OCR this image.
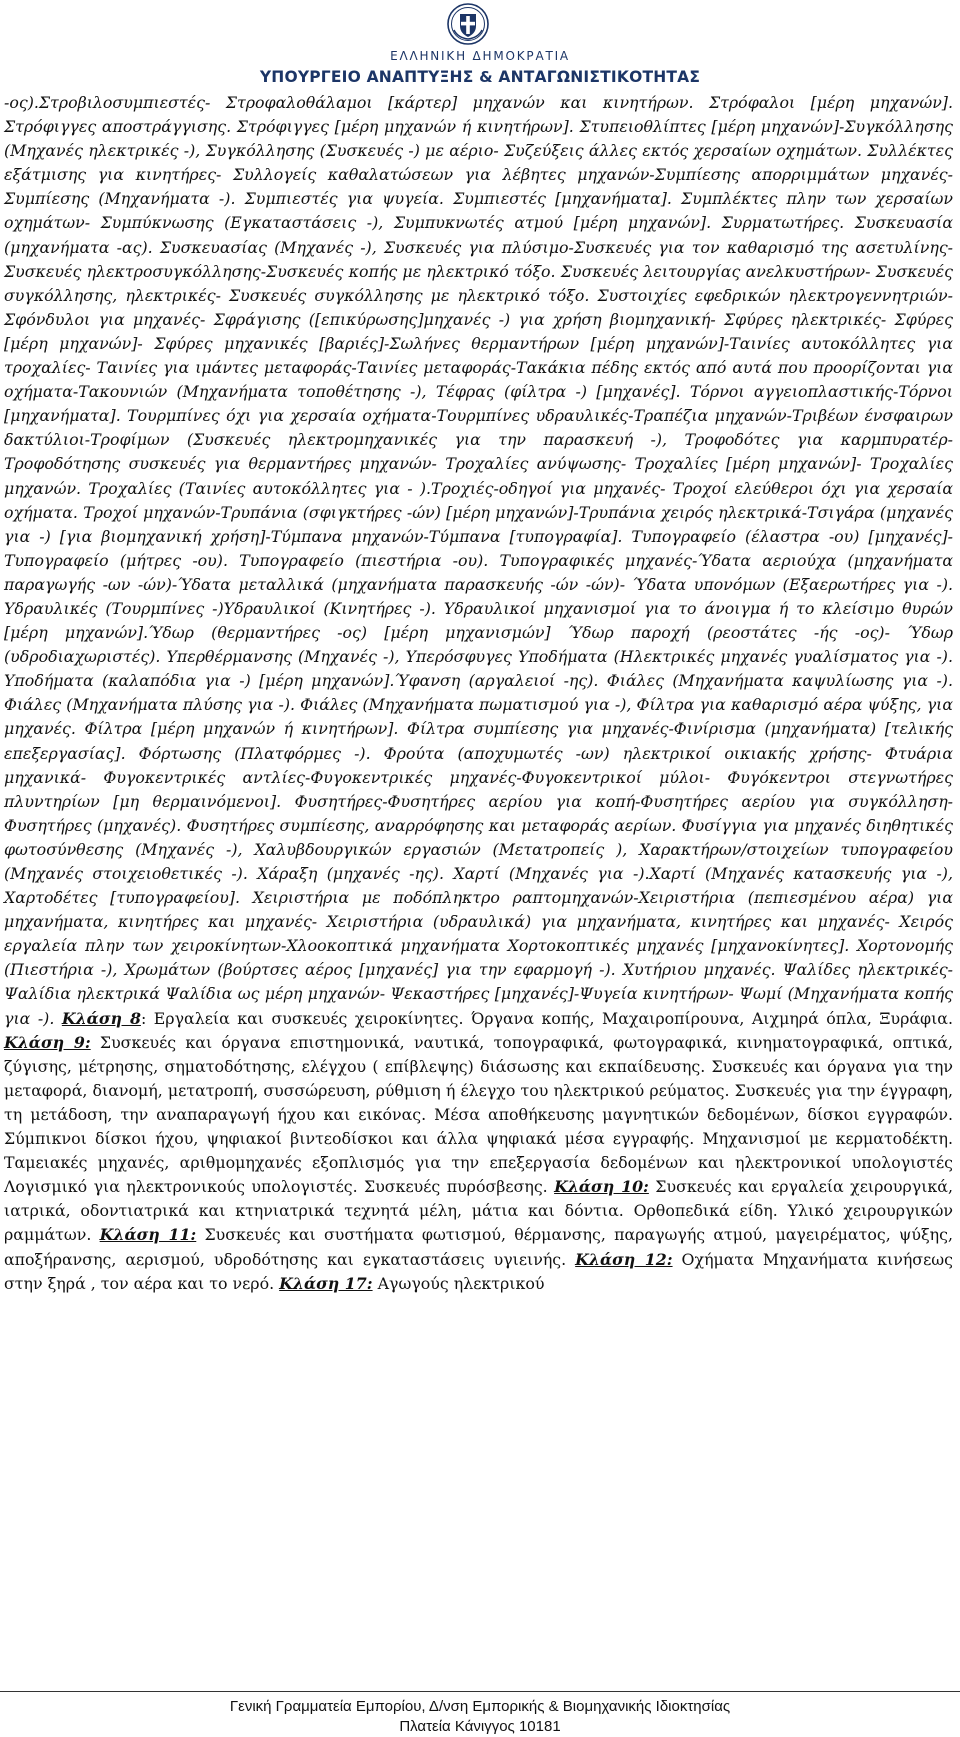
ΕΛΛΗΝΙΚΗ ΔΗΜΟΚΡΑΤΙΑ
ΥΠΟΥΡΓΕΙΟ ΑΝΑΠΤΥΞΗΣ & ΑΝΤΑΓΩΝΙΣΤΙΚΟΤΗΤΑΣ
-ος).Στροβιλοσυμπιεστές- Στροφαλοθάλαμοι [κάρτερ] μηχανών και κινητήρων. Στρόφαλοι [μέρη μηχανών]. Στρόφιγγες αποστράγγισης. Στρόφιγγες [μέρη μηχανών ή κινητήρων]. Στυπειοθλίπτες [μέρη μηχανών]-Συγκόλλησης (Μηχανές ηλεκτρικές -), Συγκόλλησης (Συσκευές -) με αέριο- Συζεύξεις άλλες εκτός χερσαίων οχημάτων. Συλλέκτες εξάτμισης για κινητήρες- Συλλογείς καθαλατώσεων για λέβητες μηχανών-Συμπίεσης απορριμμάτων μηχανές- Συμπίεσης (Μηχανήματα -). Συμπιεστές για ψυγεία. Συμπιεστές [μηχανήματα]. Συμπλέκτες πλην των χερσαίων οχημάτων- Συμπύκνωσης (Εγκαταστάσεις -), Συμπυκνωτές ατμού [μέρη μηχανών]. Συρματωτήρες. Συσκευασία (μηχανήματα -ας). Συσκευασίας (Μηχανές -), Συσκευές για πλύσιμο-Συσκευές για τον καθαρισμό της ασετυλίνης- Συσκευές ηλεκτροσυγκόλλησης-Συσκευές κοπής με ηλεκτρικό τόξο. Συσκευές λειτουργίας ανελκυστήρων- Συσκευές συγκόλλησης, ηλεκτρικές- Συσκευές συγκόλλησης με ηλεκτρικό τόξο. Συστοιχίες εφεδρικών ηλεκτρογεννητριών- Σφόνδυλοι για μηχανές- Σφράγισης ([επικύρωσης]μηχανές -) για χρήση βιομηχανική- Σφύρες ηλεκτρικές- Σφύρες [μέρη μηχανών]- Σφύρες μηχανικές [βαριές]-Σωλήνες θερμαντήρων [μέρη μηχανών]-Ταινίες αυτοκόλλητες για τροχαλίες- Ταινίες για ιμάντες μεταφοράς-Ταινίες μεταφοράς-Τακάκια πέδης εκτός από αυτά που προορίζονται για οχήματα-Τακουνιών (Μηχανήματα τοποθέτησης -), Τέφρας (φίλτρα -) [μηχανές]. Τόρνοι αγγειοπλαστικής-Τόρνοι [μηχανήματα]. Τουρμπίνες όχι για χερσαία οχήματα-Τουρμπίνες υδραυλικές-Τραπέζια μηχανών-Τριβέων ένσφαιρων δακτύλιοι-Τροφίμων (Συσκευές ηλεκτρομηχανικές για την παρασκευή -), Τροφοδότες για καρμπυρατέρ-Τροφοδότησης συσκευές για θερμαντήρες μηχανών- Τροχαλίες ανύψωσης- Τροχαλίες [μέρη μηχανών]- Τροχαλίες μηχανών. Τροχαλίες (Ταινίες αυτοκόλλητες για - ).Τροχιές-οδηγοί για μηχανές- Τροχοί ελεύθεροι όχι για χερσαία οχήματα. Τροχοί μηχανών-Τρυπάνια (σφιγκτήρες -ών) [μέρη μηχανών]-Τρυπάνια χειρός ηλεκτρικά-Τσιγάρα (μηχανές για -) [για βιομηχανική χρήση]-Τύμπανα μηχανών-Τύμπανα [τυπογραφία]. Τυπογραφείο (έλαστρα -ου) [μηχανές]-Τυπογραφείο (μήτρες -ου). Τυπογραφείο (πιεστήρια -ου). Τυπογραφικές μηχανές-Ύδατα αεριούχα (μηχανήματα παραγωγής -ων -ών)-Ύδατα μεταλλικά (μηχανήματα παρασκευής -ών -ών)- Ύδατα υπονόμων (Εξαερωτήρες για -). Υδραυλικές (Τουρμπίνες -)Υδραυλικοί (Κινητήρες -). Υδραυλικοί μηχανισμοί για το άνοιγμα ή το κλείσιμο θυρών [μέρη μηχανών].Ύδωρ (θερμαντήρες -ος) [μέρη μηχανισμών] Ύδωρ παροχή (ρεοστάτες -ής -ος)- Ύδωρ (υδροδιαχωριστές). Υπερθέρμανσης (Μηχανές -), Υπερόσφυγες Υποδήματα (Ηλεκτρικές μηχανές γυαλίσματος για -). Υποδήματα (καλαπόδια για -) [μέρη μηχανών].Ύφανση (αργαλειοί -ης). Φιάλες (Μηχανήματα καψυλίωσης για -). Φιάλες (Μηχανήματα πλύσης για -). Φιάλες (Μηχανήματα πωματισμού για -), Φίλτρα για καθαρισμό αέρα ψύξης, για μηχανές. Φίλτρα [μέρη μηχανών ή κινητήρων]. Φίλτρα συμπίεσης για μηχανές-Φινίρισμα (μηχανήματα) [τελικής επεξεργασίας]. Φόρτωσης (Πλατφόρμες -). Φρούτα (αποχυμωτές -ων) ηλεκτρικοί οικιακής χρήσης- Φτυάρια μηχανικά- Φυγοκεντρικές αντλίες-Φυγοκεντρικές μηχανές-Φυγοκεντρικοί μύλοι- Φυγόκεντροι στεγνωτήρες πλυντηρίων [μη θερμαινόμενοι]. Φυσητήρες-Φυσητήρες αερίου για κοπή-Φυσητήρες αερίου για συγκόλληση-Φυσητήρες (μηχανές). Φυσητήρες συμπίεσης, αναρρόφησης και μεταφοράς αερίων. Φυσίγγια για μηχανές διηθητικές φωτοσύνθεσης (Μηχανές -), Χαλυβδουργικών εργασιών (Μετατροπείς ), Χαρακτήρων/στοιχείων τυπογραφείου (Μηχανές στοιχειοθετικές -). Χάραξη (μηχανές -ης). Χαρτί (Μηχανές για -).Χαρτί (Μηχανές κατασκευής για -), Χαρτοδέτες [τυπογραφείου]. Χειριστήρια με ποδόπληκτρο ραπτομηχανών-Χειριστήρια (πεπιεσμένου αέρα) για μηχανήματα, κινητήρες και μηχανές- Χειριστήρια (υδραυλικά) για μηχανήματα, κινητήρες και μηχανές- Χειρός εργαλεία πλην των χειροκίνητων-Χλοοκοπτικά μηχανήματα Χορτοκοπτικές μηχανές [μηχανοκίνητες]. Χορτονομής (Πιεστήρια -), Χρωμάτων (βούρτσες αέρος [μηχανές] για την εφαρμογή -). Χυτήριου μηχανές. Ψαλίδες ηλεκτρικές- Ψαλίδια ηλεκτρικά Ψαλίδια ως μέρη μηχανών- Ψεκαστήρες [μηχανές]-Ψυγεία κινητήρων- Ψωμί (Μηχανήματα κοπής για -). Κλάση 8: Εργαλεία και συσκευές χειροκίνητες. Όργανα κοπής, Μαχαιροπίρουνα, Αιχμηρά όπλα, Ξυράφια. Κλάση 9: Συσκευές και όργανα επιστημονικά, ναυτικά, τοπογραφικά, φωτογραφικά, κινηματογραφικά, οπτικά, ζύγισης, μέτρησης, σηματοδότησης, ελέγχου ( επίβλεψης) διάσωσης και εκπαίδευσης. Συσκευές και όργανα για την μεταφορά, διανομή, μετατροπή, συσσώρευση, ρύθμιση ή έλεγχο του ηλεκτρικού ρεύματος. Συσκευές για την έγγραφη, τη μετάδοση, την αναπαραγωγή ήχου και εικόνας. Μέσα αποθήκευσης μαγνητικών δεδομένων, δίσκοι εγγραφών. Σύμπικνοι δίσκοι ήχου, ψηφιακοί βιντεοδίσκοι και άλλα ψηφιακά μέσα εγγραφής. Μηχανισμοί με κερματοδέκτη. Ταμειακές μηχανές, αριθμομηχανές εξοπλισμός για την επεξεργασία δεδομένων και ηλεκτρονικοί υπολογιστές Λογισμικό για ηλεκτρονικούς υπολογιστές. Συσκευές πυρόσβεσης. Κλάση 10: Συσκευές και εργαλεία χειρουργικά, ιατρικά, οδοντιατρικά και κτηνιατρικά τεχνητά μέλη, μάτια και δόντια. Ορθοπεδικά είδη. Υλικό χειρουργικών ραμμάτων. Κλάση 11: Συσκευές και συστήματα φωτισμού, θέρμανσης, παραγωγής ατμού, μαγειρέματος, ψύξης, αποξήρανσης, αερισμού, υδροδότησης και εγκαταστάσεις υγιεινής. Κλάση 12: Οχήματα Μηχανήματα κινήσεως στην ξηρά , τον αέρα και το νερό. Κλάση 17: Αγωγούς ηλεκτρικού
Γενική Γραμματεία Εμπορίου, Δ/νση Εμπορικής & Βιομηχανικής Ιδιοκτησίας
Πλατεία Κάνιγγος 10181
